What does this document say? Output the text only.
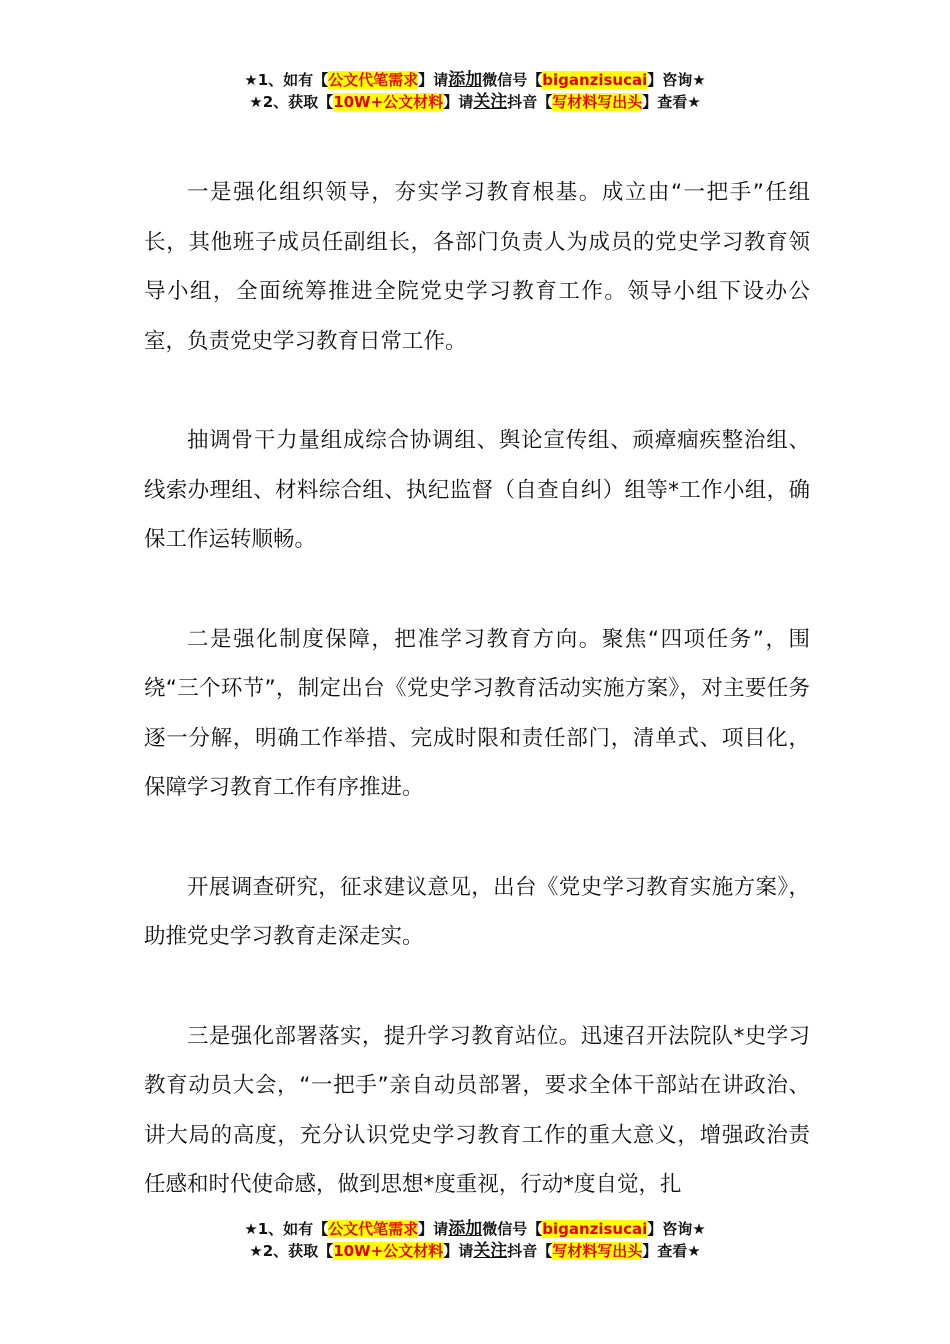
★1、如有【公文代笔需求】请添加微信号【biganzisucai】咨询★
★2、获取【10W+公文材料】请关注抖音【写材料写出头】查看★

一是强化组织领导，夯实学习教育根基。成立由“一把手”任组长，其他班子成员任副组长，各部门负责人为成员的党史学习教育领导小组，全面统筹推进全院党史学习教育工作。领导小组下设办公室，负责党史学习教育日常工作。

抽调骨干力量组成综合协调组、舆论宣传组、顽瘴痼疾整治组、线索办理组、材料综合组、执纪监督（自查自纠）组等*工作小组，确保工作运转顺畅。

二是强化制度保障，把准学习教育方向。聚焦“四项任务”，围绕“三个环节”，制定出台《党史学习教育活动实施方案》，对主要任务逐一分解，明确工作举措、完成时限和责任部门，清单式、项目化，保障学习教育工作有序推进。

开展调查研究，征求建议意见，出台《党史学习教育实施方案》，助推党史学习教育走深走实。

三是强化部署落实，提升学习教育站位。迅速召开法院队*史学习教育动员大会，“一把手”亲自动员部署，要求全体干部站在讲政治、讲大局的高度，充分认识党史学习教育工作的重大意义，增强政治责任感和时代使命感，做到思想*度重视，行动*度自觉，扎

★1、如有【公文代笔需求】请添加微信号【biganzisucai】咨询★
★2、获取【10W+公文材料】请关注抖音【写材料写出头】查看★
